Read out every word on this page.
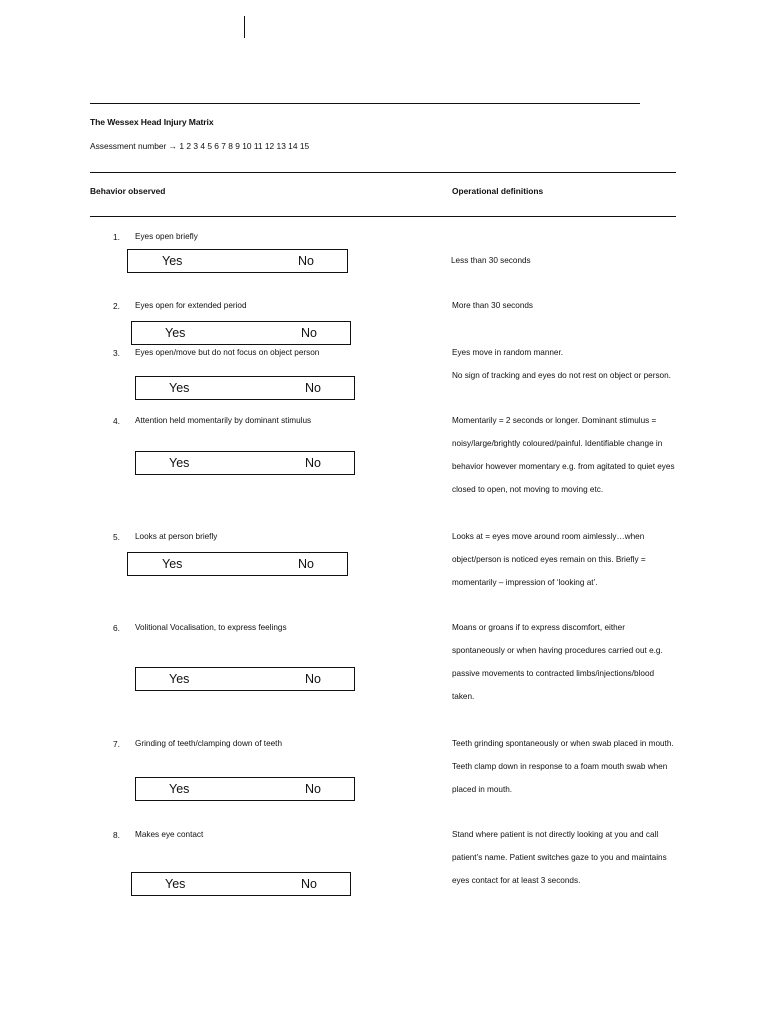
The Wessex Head Injury Matrix
Assessment number → 1 2 3 4 5 6 7 8 9 10 11 12 13 14 15
Behavior observed	Operational definitions
1.	Eyes open briefly
Yes	No	Less than 30 seconds
2.	Eyes open for extended period
Yes	No
More than 30 seconds
3.	Eyes open/move but do not focus on object person
Yes	No
Eyes move in random manner.
No sign of tracking and eyes do not rest on object or person.
4.	Attention held momentarily by dominant stimulus
Yes	No
Momentarily = 2 seconds or longer. Dominant stimulus =
noisy/large/brightly coloured/painful. Identifiable change in
behavior however momentary e.g. from agitated to quiet eyes
closed to open, not moving to moving etc.
5.	Looks at person briefly
Yes	No
Looks at = eyes move around room aimlessly…when
object/person is noticed eyes remain on this. Briefly =
momentarily – impression of ‘looking at’.
6.	Volitional Vocalisation, to express feelings
Yes	No
Moans or groans if to express discomfort, either
spontaneously or when having procedures carried out e.g.
passive movements to contracted limbs/injections/blood
taken.
7.	Grinding of teeth/clamping down of teeth
Yes	No
Teeth grinding spontaneously or when swab placed in mouth.
Teeth clamp down in response to a foam mouth swab when
placed in mouth.
8.	Makes eye contact
Yes	No
Stand where patient is not directly looking at you and call
patient’s name. Patient switches gaze to you and maintains
eyes contact for at least 3 seconds.
